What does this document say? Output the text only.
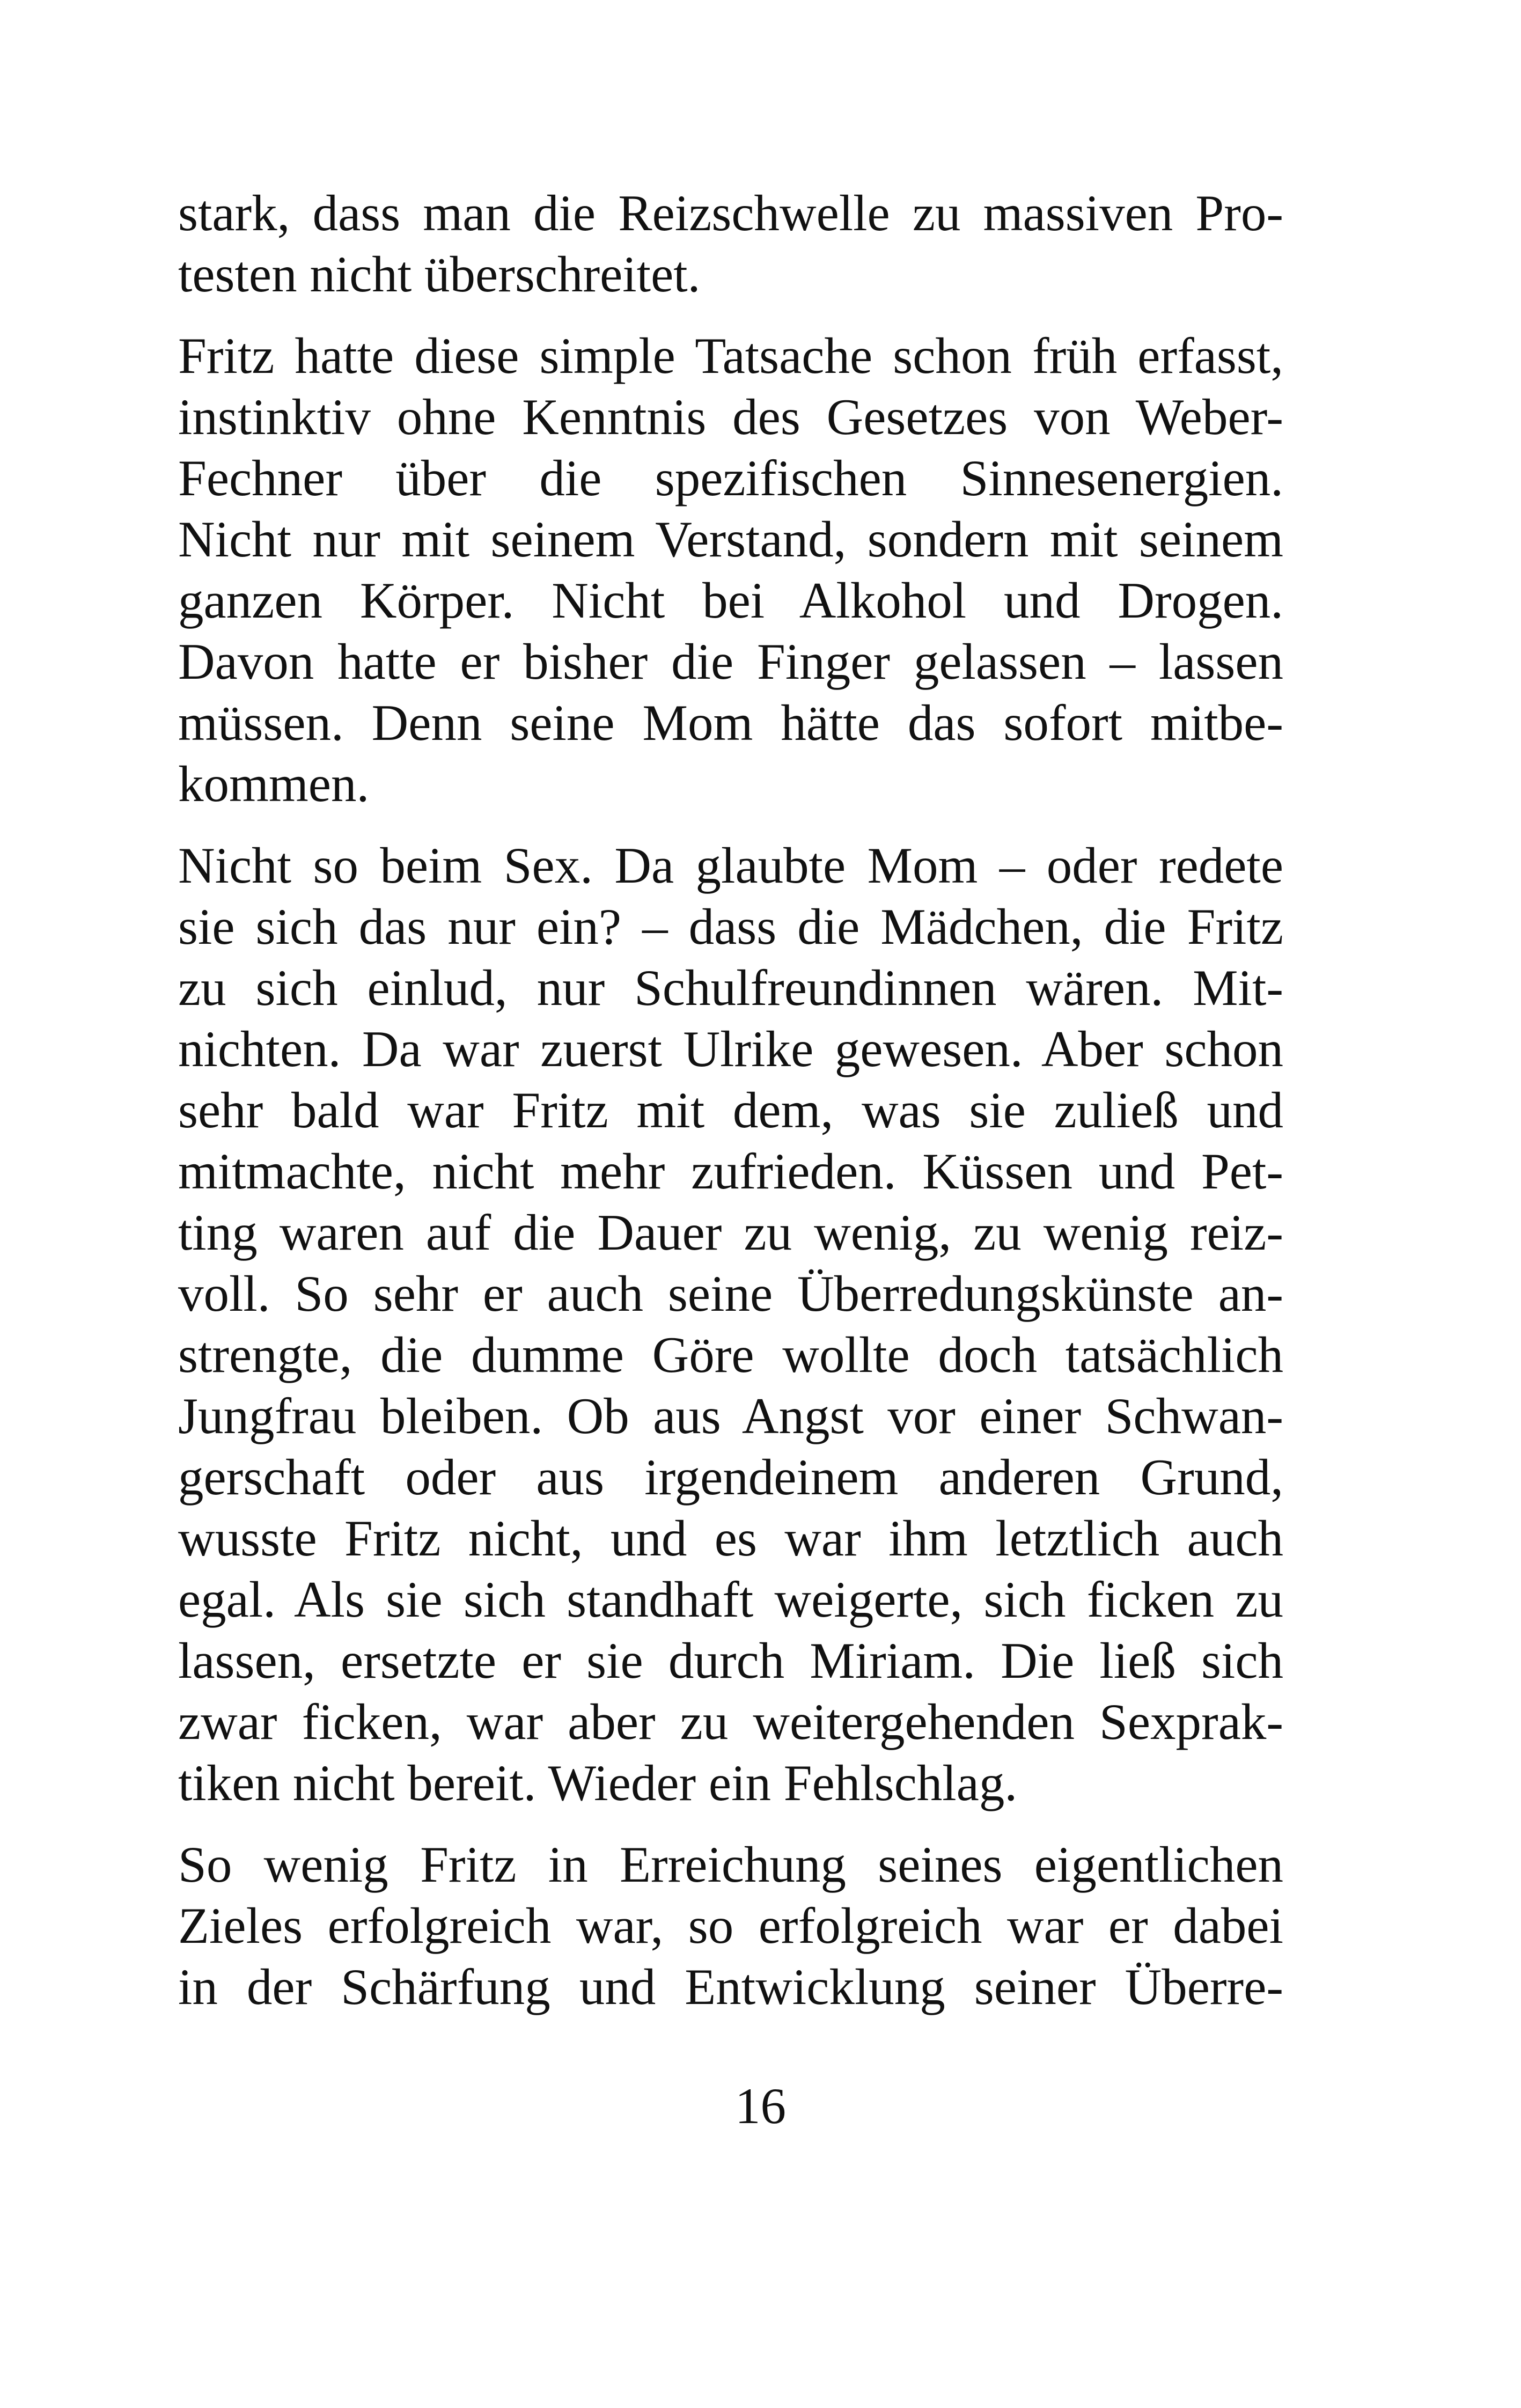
stark, dass man die Reizschwelle zu massiven Pro-
testen nicht überschreitet.
Fritz hatte diese simple Tatsache schon früh erfasst,
instinktiv ohne Kenntnis des Gesetzes von Weber-
Fechner über die spezifischen Sinnesenergien.
Nicht nur mit seinem Verstand, sondern mit seinem
ganzen Körper. Nicht bei Alkohol und Drogen.
Davon hatte er bisher die Finger gelassen – lassen
müssen. Denn seine Mom hätte das sofort mitbe-
kommen.
Nicht so beim Sex. Da glaubte Mom – oder redete
sie sich das nur ein? – dass die Mädchen, die Fritz
zu sich einlud, nur Schulfreundinnen wären. Mit-
nichten. Da war zuerst Ulrike gewesen. Aber schon
sehr bald war Fritz mit dem, was sie zuließ und
mitmachte, nicht mehr zufrieden. Küssen und Pet-
ting waren auf die Dauer zu wenig, zu wenig reiz-
voll. So sehr er auch seine Überredungskünste an-
strengte, die dumme Göre wollte doch tatsächlich
Jungfrau bleiben. Ob aus Angst vor einer Schwan-
gerschaft oder aus irgendeinem anderen Grund,
wusste Fritz nicht, und es war ihm letztlich auch
egal. Als sie sich standhaft weigerte, sich ficken zu
lassen, ersetzte er sie durch Miriam. Die ließ sich
zwar ficken, war aber zu weitergehenden Sexprak-
tiken nicht bereit. Wieder ein Fehlschlag.
So wenig Fritz in Erreichung seines eigentlichen
Zieles erfolgreich war, so erfolgreich war er dabei
in der Schärfung und Entwicklung seiner Überre-
16
